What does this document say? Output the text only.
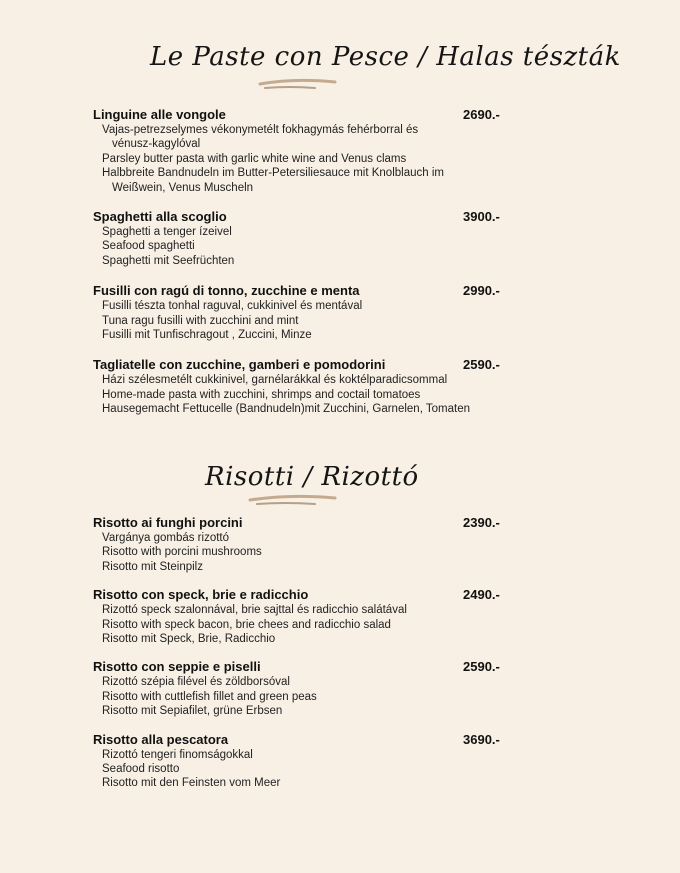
Le Paste con Pesce / Halas tészták
Linguine alle vongole	2690.-
Vajas-petrezselymes vékonymetélt fokhagymás fehérborral és
vénusz-kagylóval
Parsley butter pasta with garlic white wine and Venus clams
Halbbreite Bandnudeln im Butter-Petersiliesauce mit Knolblauch im
Weißwein, Venus Muscheln
Spaghetti alla scoglio	3900.-
Spaghetti a tenger ízeivel
Seafood spaghetti
Spaghetti mit Seefrüchten
Fusilli con ragú di tonno, zucchine e menta	2990.-
Fusilli tészta tonhal raguval, cukkinivel és mentával
Tuna ragu fusilli with zucchini and mint
Fusilli mit Tunfischragout , Zuccini, Minze
Tagliatelle con zucchine, gamberi e pomodorini	2590.-
Házi szélesmetélt cukkinivel, garnélarákkal és koktélparadicsommal
Home-made pasta with zucchini, shrimps and coctail tomatoes
Hausegemacht Fettucelle (Bandnudeln)mit Zucchini, Garnelen, Tomaten
Risotti / Rizottó
Risotto ai funghi porcini	2390.-
Vargánya gombás rizottó
Risotto with porcini mushrooms
Risotto mit Steinpilz
Risotto con speck, brie e radicchio	2490.-
Rizottó speck szalonnával, brie sajttal és radicchio salátával
Risotto with speck bacon, brie chees and radicchio salad
Risotto mit Speck, Brie, Radicchio
Risotto con seppie e piselli	2590.-
Rizottó szépia filével és zöldborsóval
Risotto with cuttlefish fillet and green peas
Risotto mit Sepiafilet, grüne Erbsen
Risotto alla pescatora	3690.-
Rizottó tengeri finomságokkal
Seafood risotto
Risotto mit den Feinsten vom Meer
